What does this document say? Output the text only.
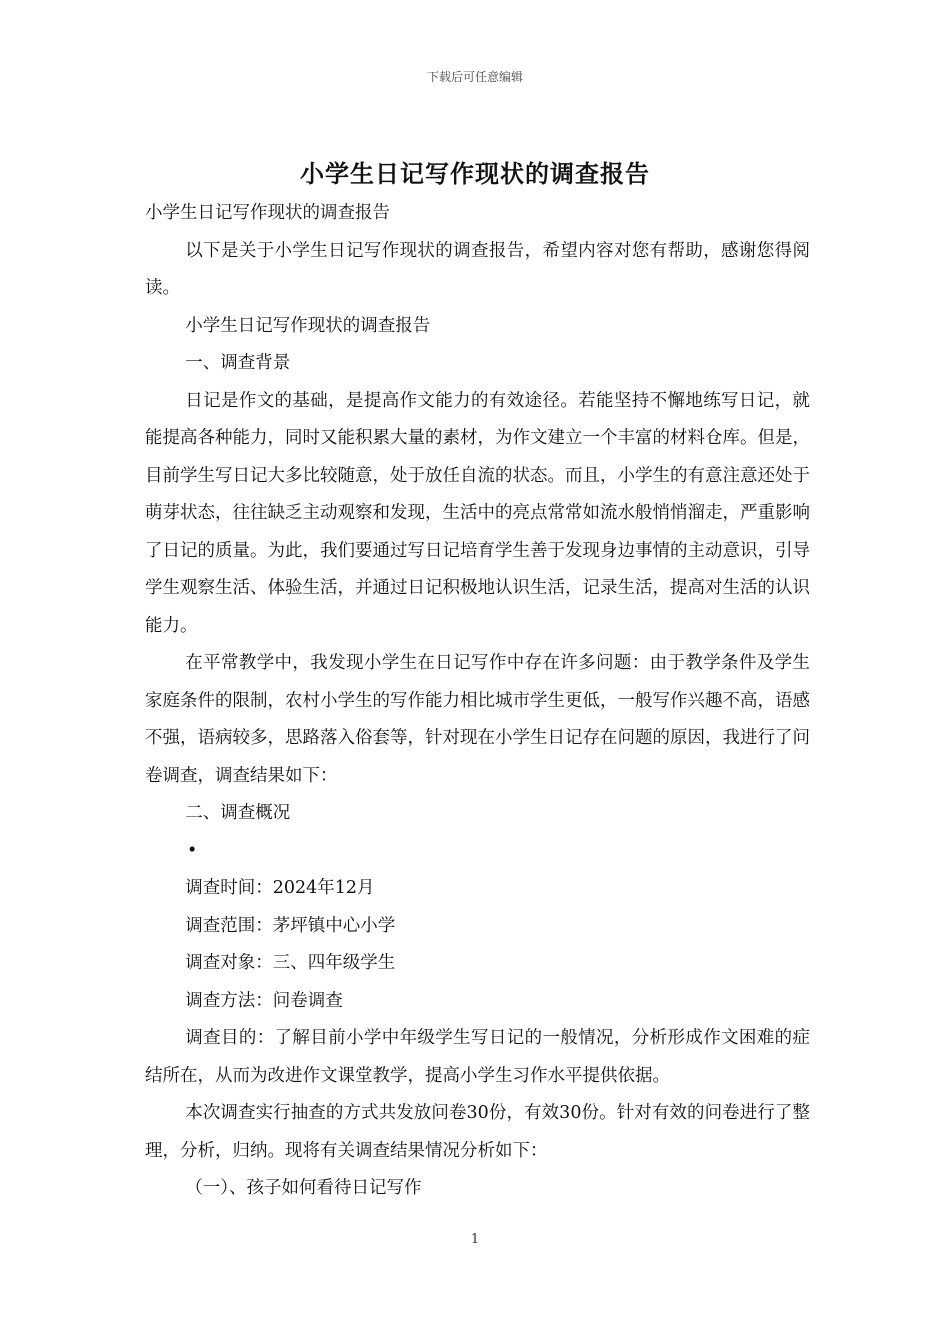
下载后可任意编辑
小学生日记写作现状的调查报告

小学生日记写作现状的调查报告

以下是关于小学生日记写作现状的调查报告，希望内容对您有帮助，感谢您得阅读。

小学生日记写作现状的调查报告

一、调查背景

日记是作文的基础，是提高作文能力的有效途径。若能坚持不懈地练写日记，就能提高各种能力，同时又能积累大量的素材，为作文建立一个丰富的材料仓库。但是，目前学生写日记大多比较随意，处于放任自流的状态。而且，小学生的有意注意还处于萌芽状态，往往缺乏主动观察和发现，生活中的亮点常常如流水般悄悄溜走，严重影响了日记的质量。为此，我们要通过写日记培育学生善于发现身边事情的主动意识，引导学生观察生活、体验生活，并通过日记积极地认识生活，记录生活，提高对生活的认识能力。

在平常教学中，我发现小学生在日记写作中存在许多问题：由于教学条件及学生家庭条件的限制，农村小学生的写作能力相比城市学生更低，一般写作兴趣不高，语感不强，语病较多，思路落入俗套等，针对现在小学生日记存在问题的原因，我进行了问卷调查，调查结果如下：

二、调查概况

•

调查时间：2024年12月

调查范围：茅坪镇中心小学

调查对象：三、四年级学生

调查方法：问卷调查

调查目的：了解目前小学中年级学生写日记的一般情况，分析形成作文困难的症结所在，从而为改进作文课堂教学，提高小学生习作水平提供依据。

本次调查实行抽查的方式共发放问卷30份，有效30份。针对有效的问卷进行了整理，分析，归纳。现将有关调查结果情况分析如下：

（一）、孩子如何看待日记写作

1
